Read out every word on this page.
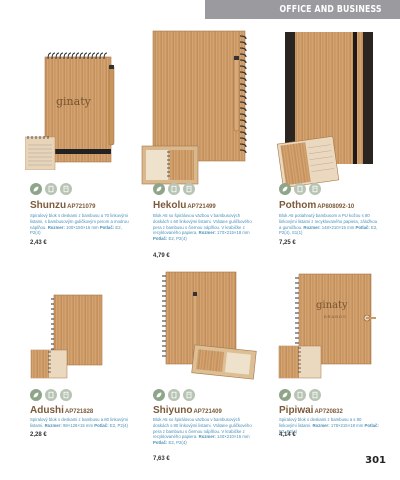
OFFICE AND BUSINESS
ginaty
ShunzuAP721079
Spiralový blok s deskami z bambusu a 70 linkovými listami, s bambusovým guličkovým perom a modrou náplňou. Rozmer: 100×150×16 mm Potlač: E2, P2(4)
2,43 €
HekoluAP721499
Blok A5 so špirálovou väzbou v bambusových doskách s 60 linkovými listami. Vrátane guličkového pera z bambusu s čiernou náplňou. V krabičke z recyklovaného papiera. Rozmer: 170×215×18 mm Potlač: E2, P2(4)
4,79 €
PothomAP808092-10
Blok A5 potiahnutý bambusom a PU kožou s 80 linkovými listami z recyklovaného papiera, záložkou a gumičkou. Rozmer: 148×210×15 mm Potlač: E2, P2(4), S1(1)
7,25 €
AdushiAP721828
Spiralový blok s deskami z bambusu a 80 linkovými listami. Rozmer: 98×128×15 mm Potlač: E2, P2(4)
2,28 €
ShiyunoAP721409
Blok A5 so špirálovou väzbou v bambusových doskách s 80 linkovými listami. Vrátane guličkového pera z bambusu s čiernou náplňou. V krabičke z recyklovaného papiera. Rozmer: 140×210×15 mm Potlač: E2, P2(4)
7,63 €
ginaty
BRANDS
PipiwaiAP720832
Spiralový blok s deskami z bambusu a s 80 linkovými listami. Rozmer: 178×215×18 mm Potlač: E2, P2(4)
4,14 €
301
